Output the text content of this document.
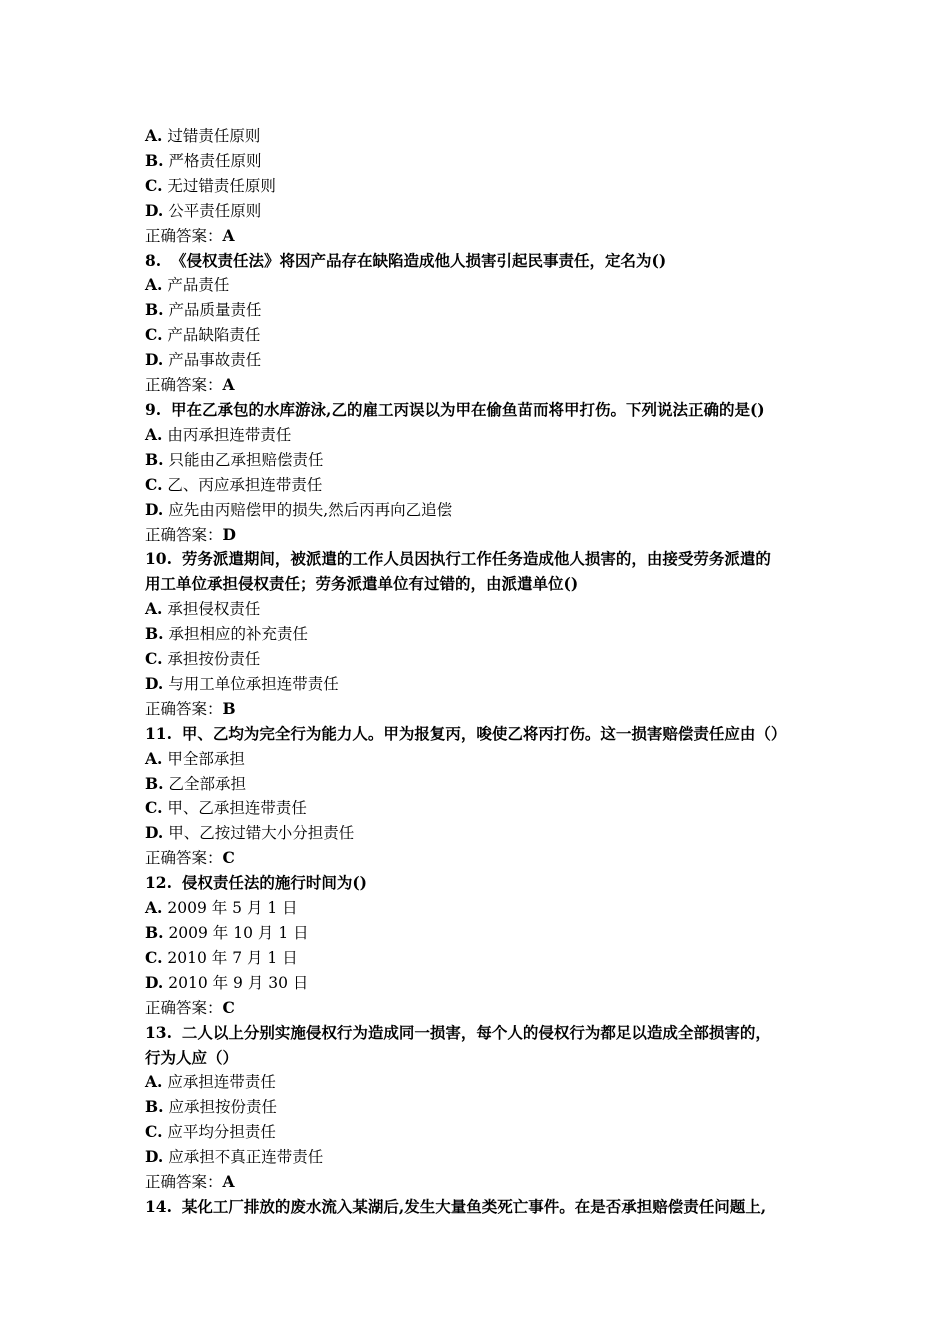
A. 过错责任原则
B. 严格责任原则
C. 无过错责任原则
D. 公平责任原则
正确答案：A
8. 《侵权责任法》将因产品存在缺陷造成他人损害引起民事责任，定名为()
A. 产品责任
B. 产品质量责任
C. 产品缺陷责任
D. 产品事故责任
正确答案：A
9. 甲在乙承包的水库游泳,乙的雇工丙误以为甲在偷鱼苗而将甲打伤。下列说法正确的是()
A. 由丙承担连带责任
B. 只能由乙承担赔偿责任
C. 乙、丙应承担连带责任
D. 应先由丙赔偿甲的损失,然后丙再向乙追偿
正确答案：D
10. 劳务派遣期间，被派遣的工作人员因执行工作任务造成他人损害的，由接受劳务派遣的
用工单位承担侵权责任；劳务派遣单位有过错的，由派遣单位()
A. 承担侵权责任
B. 承担相应的补充责任
C. 承担按份责任
D. 与用工单位承担连带责任
正确答案：B
11. 甲、乙均为完全行为能力人。甲为报复丙，唆使乙将丙打伤。这一损害赔偿责任应由（）
A. 甲全部承担
B. 乙全部承担
C. 甲、乙承担连带责任
D. 甲、乙按过错大小分担责任
正确答案：C
12. 侵权责任法的施行时间为()
A. 2009 年 5 月 1 日
B. 2009 年 10 月 1 日
C. 2010 年 7 月 1 日
D. 2010 年 9 月 30 日
正确答案：C
13. 二人以上分别实施侵权行为造成同一损害，每个人的侵权行为都足以造成全部损害的，
行为人应（）
A. 应承担连带责任
B. 应承担按份责任
C. 应平均分担责任
D. 应承担不真正连带责任
正确答案：A
14. 某化工厂排放的废水流入某湖后,发生大量鱼类死亡事件。在是否承担赔偿责任问题上,
